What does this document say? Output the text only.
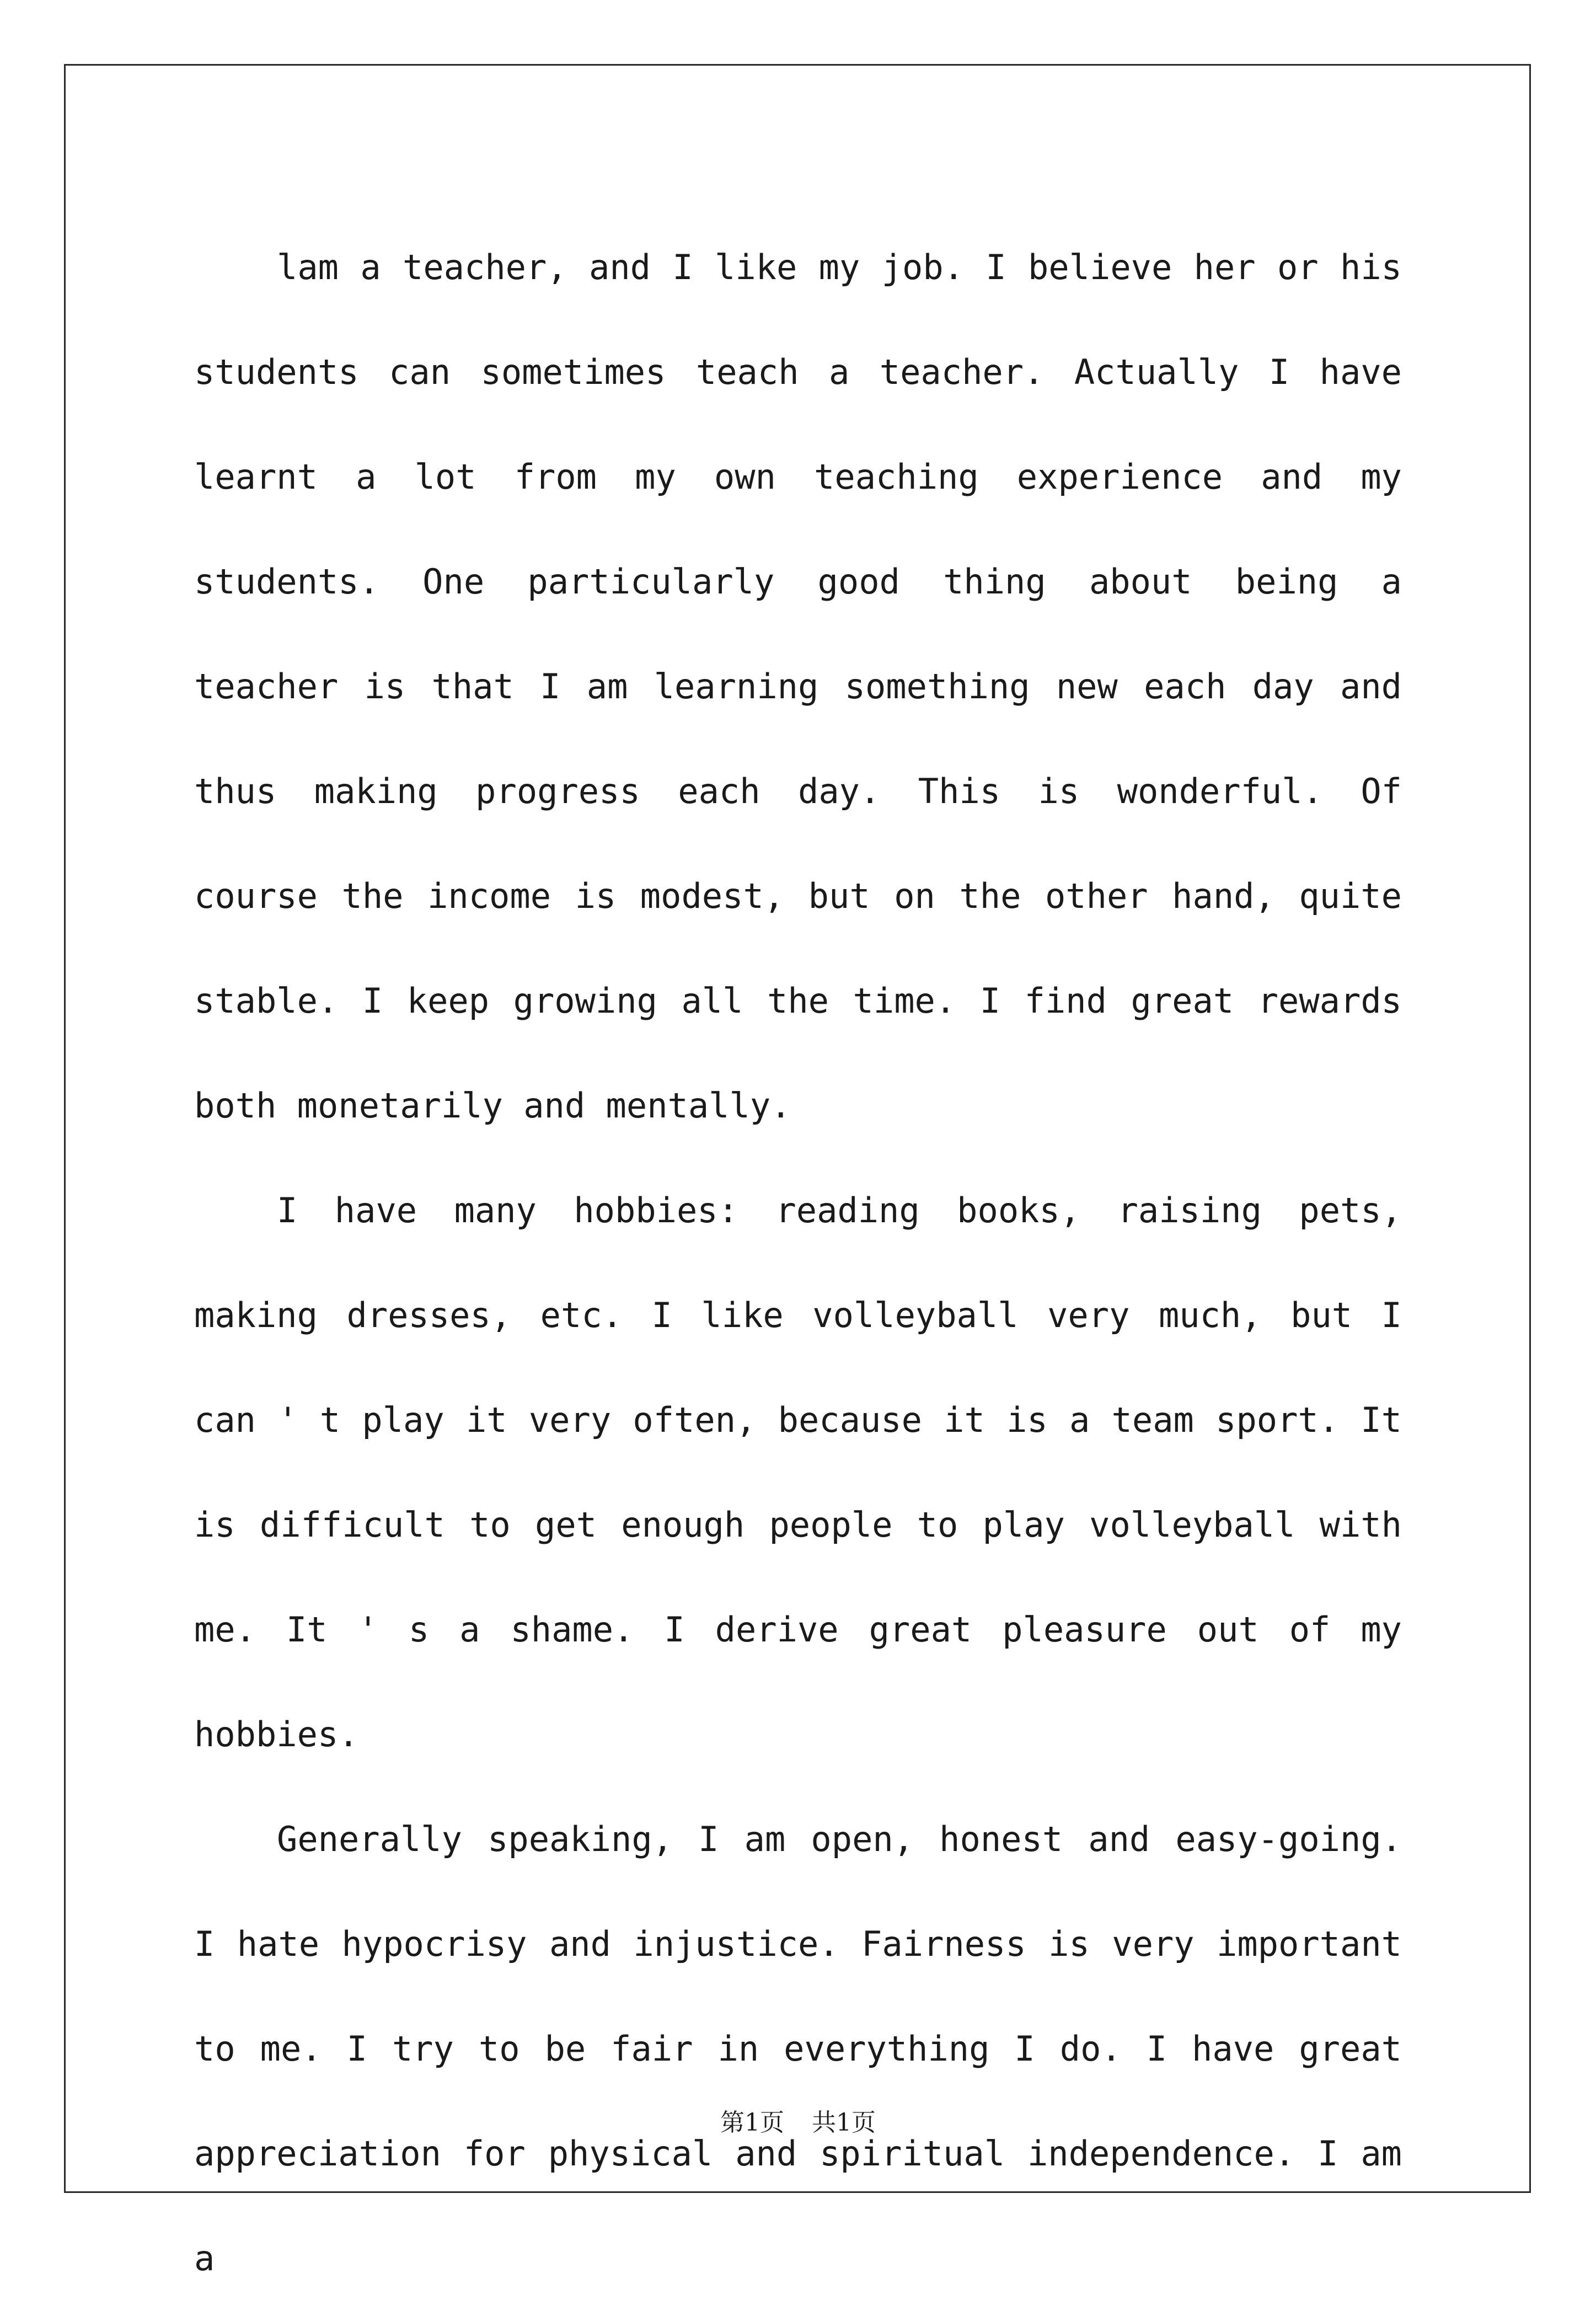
lam a teacher, and I like my job. I believe her or his students can sometimes teach a teacher. Actually I have learnt a lot from my own teaching experience and my students. One particularly good thing about being a teacher is that I am learning something new each day and thus making progress each day. This is wonderful. Of course the income is modest, but on the other hand, quite stable. I keep growing all the time. I find great rewards both monetarily and mentally.

I have many hobbies: reading books, raising pets, making dresses, etc. I like volleyball very much, but I can ' t play it very often, because it is a team sport. It is difficult to get enough people to play volleyball with me. It ' s a shame. I derive great pleasure out of my hobbies.

Generally speaking, I am open, honest and easy-going. I hate hypocrisy and injustice. Fairness is very important to me. I try to be fair in everything I do. I have great appreciation for physical and spiritual independence. I am a

第1页 共1页
